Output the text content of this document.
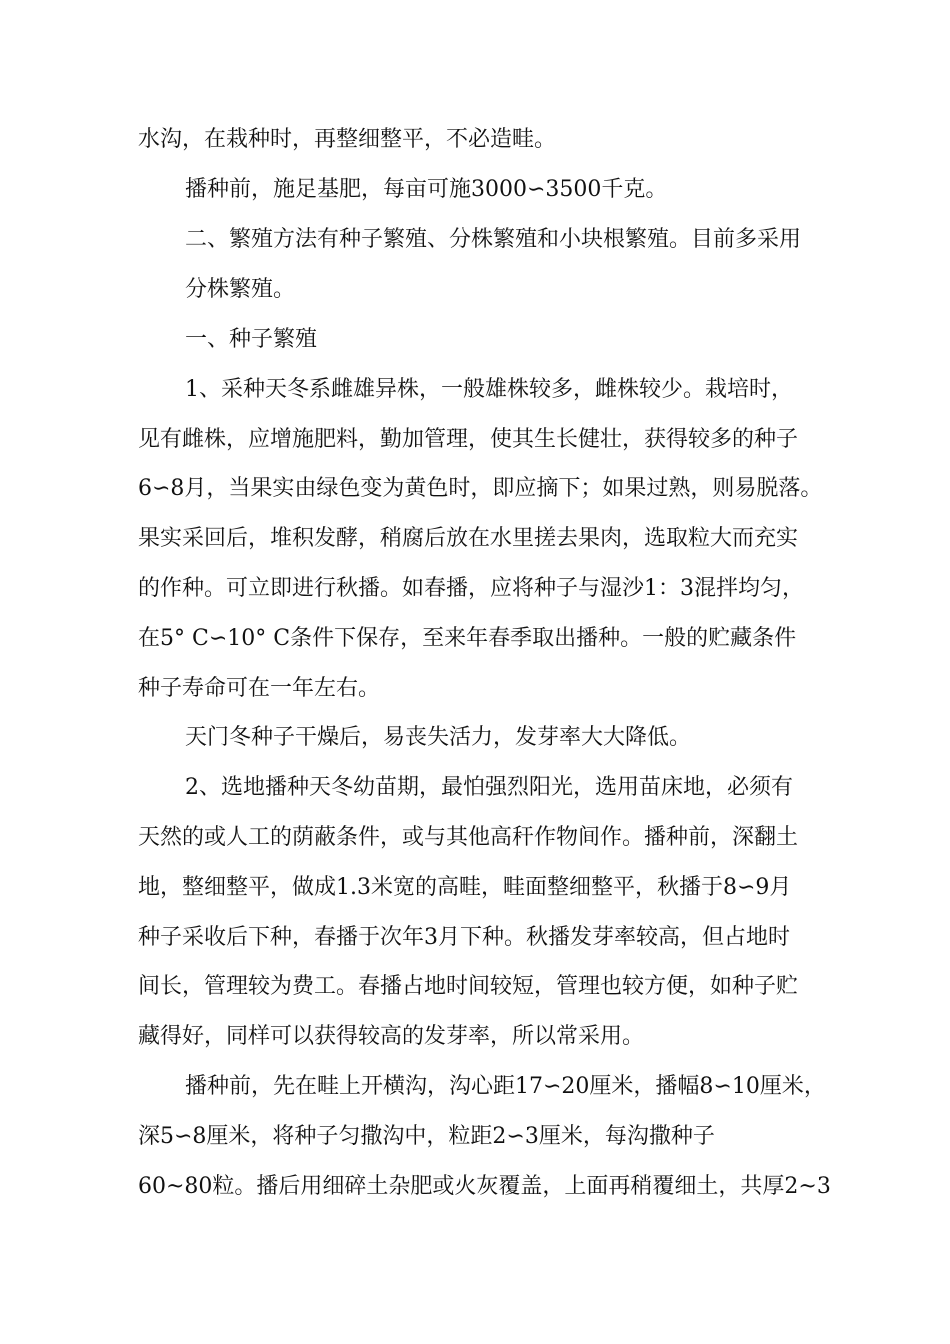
水沟，在栽种时，再整细整平，不必造畦。

播种前，施足基肥，每亩可施3000∽3500千克。

二、繁殖方法有种子繁殖、分株繁殖和小块根繁殖。目前多采用

分株繁殖。

一、种子繁殖

1、采种天冬系雌雄异株，一般雄株较多，雌株较少。栽培时，

见有雌株，应增施肥料，勤加管理，使其生长健壮，获得较多的种子

6∽8月，当果实由绿色变为黄色时，即应摘下；如果过熟，则易脱落。

果实采回后，堆积发酵，稍腐后放在水里搓去果肉，选取粒大而充实

的作种。可立即进行秋播。如春播，应将种子与湿沙1：3混拌均匀，

在5° C∽10° C条件下保存，至来年春季取出播种。一般的贮藏条件

种子寿命可在一年左右。

天门冬种子干燥后，易丧失活力，发芽率大大降低。

2、选地播种天冬幼苗期，最怕强烈阳光，选用苗床地，必须有

天然的或人工的荫蔽条件，或与其他高秆作物间作。播种前，深翻土

地，整细整平，做成1.3米宽的高畦，畦面整细整平，秋播于8∽9月

种子采收后下种，春播于次年3月下种。秋播发芽率较高，但占地时

间长，管理较为费工。春播占地时间较短，管理也较方便，如种子贮

藏得好，同样可以获得较高的发芽率，所以常采用。

播种前，先在畦上开横沟，沟心距17∽20厘米，播幅8∽10厘米，

深5∽8厘米，将种子匀撒沟中，粒距2∽3厘米，每沟撒种子

60~80粒。播后用细碎土杂肥或火灰覆盖，上面再稍覆细土，共厚2~3
